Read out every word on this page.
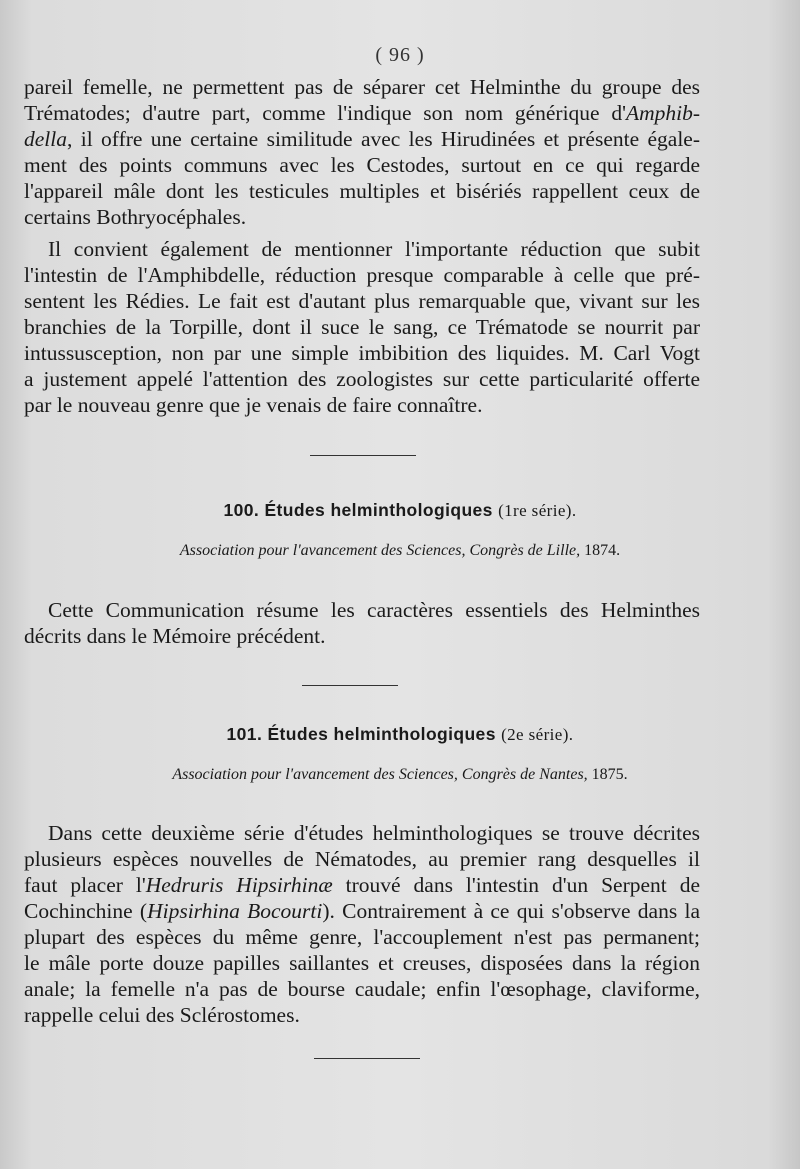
( 96 )
pareil femelle, ne permettent pas de séparer cet Helminthe du groupe des
Trématodes; d'autre part, comme l'indique son nom générique d'Amphib-
della, il offre une certaine similitude avec les Hirudinées et présente égale-
ment des points communs avec les Cestodes, surtout en ce qui regarde
l'appareil mâle dont les testicules multiples et bisériés rappellent ceux de
certains Bothryocéphales.
Il convient également de mentionner l'importante réduction que subit
l'intestin de l'Amphibdelle, réduction presque comparable à celle que pré-
sentent les Rédies. Le fait est d'autant plus remarquable que, vivant sur les
branchies de la Torpille, dont il suce le sang, ce Trématode se nourrit par
intussusception, non par une simple imbibition des liquides. M. Carl Vogt
a justement appelé l'attention des zoologistes sur cette particularité offerte
par le nouveau genre que je venais de faire connaître.
100. Études helminthologiques (1re série).
Association pour l'avancement des Sciences, Congrès de Lille, 1874.
Cette Communication résume les caractères essentiels des Helminthes
décrits dans le Mémoire précédent.
101. Études helminthologiques (2e série).
Association pour l'avancement des Sciences, Congrès de Nantes, 1875.
Dans cette deuxième série d'études helminthologiques se trouve décrites
plusieurs espèces nouvelles de Nématodes, au premier rang desquelles il
faut placer l'Hedruris Hipsirhinæ trouvé dans l'intestin d'un Serpent de
Cochinchine (Hipsirhina Bocourti). Contrairement à ce qui s'observe dans la
plupart des espèces du même genre, l'accouplement n'est pas permanent;
le mâle porte douze papilles saillantes et creuses, disposées dans la région
anale; la femelle n'a pas de bourse caudale; enfin l'œsophage, claviforme,
rappelle celui des Sclérostomes.
